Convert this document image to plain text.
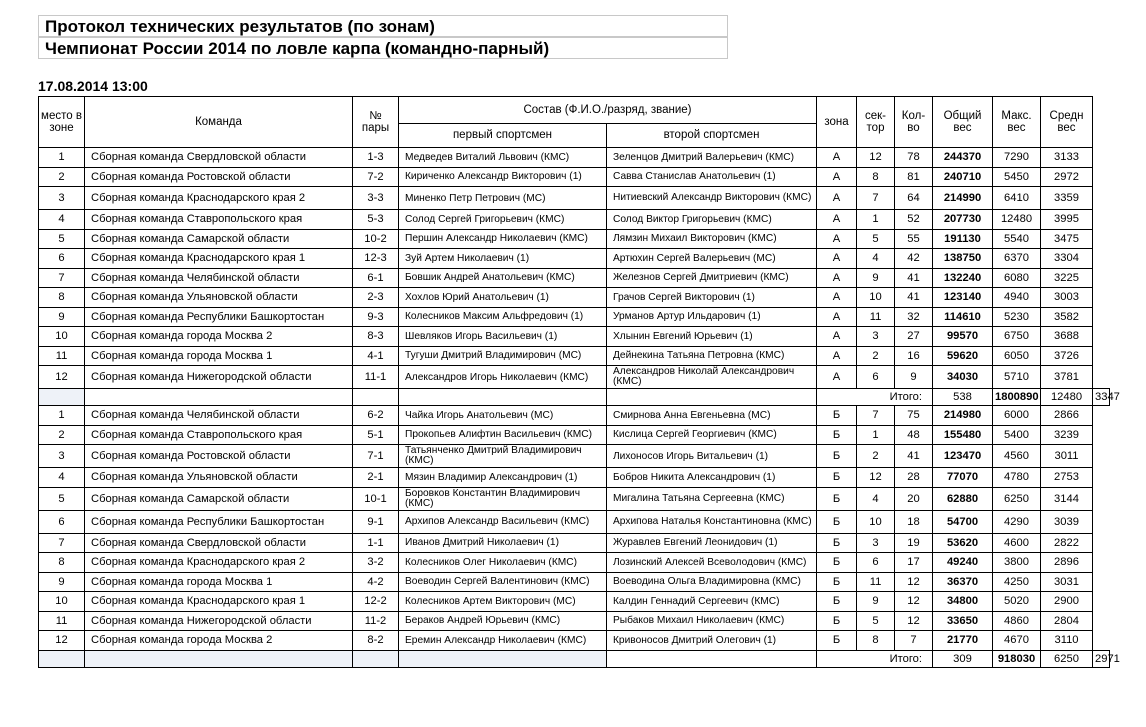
Протокол технических результатов (по зонам)
Чемпионат России 2014 по ловле карпа (командно-парный)
17.08.2014 13:00
место в зоне	Команда	№ пары	Состав (Ф.И.О./разряд, звание)		зона	сек-тор	Кол-во	Общий вес	Макс. вес	Средн вес	
			первый спортсмен	второй спортсмен							
1	Сборная команда Свердловской области	1-3	Медведев Виталий Львович (КМС)	Зеленцов Дмитрий Валерьевич (КМС)	А	12	78	244370	7290	3133	
2	Сборная команда Ростовской области	7-2	Кириченко Александр Викторович (1)	Савва Станислав Анатольевич (1)	А	8	81	240710	5450	2972	
3	Сборная команда Краснодарского края 2	3-3	Миненко Петр Петрович (МС)	Нитиевский Александр Викторович (КМС)	А	7	64	214990	6410	3359	
4	Сборная команда Ставропольского края	5-3	Солод Сергей Григорьевич (КМС)	Солод Виктор Григорьевич (КМС)	А	1	52	207730	12480	3995	
5	Сборная команда Самарской области	10-2	Першин Александр Николаевич (КМС)	Лямзин Михаил Викторович (КМС)	А	5	55	191130	5540	3475	
6	Сборная команда Краснодарского края 1	12-3	Зуй Артем Николаевич (1)	Артюхин Сергей Валерьевич (МС)	А	4	42	138750	6370	3304	
7	Сборная команда Челябинской области	6-1	Бовшик Андрей Анатольевич (КМС)	Железнов Сергей Дмитриевич (КМС)	А	9	41	132240	6080	3225	
8	Сборная команда Ульяновской области	2-3	Хохлов Юрий Анатольевич (1)	Грачов Сергей Викторович (1)	А	10	41	123140	4940	3003	
9	Сборная команда Республики Башкортостан	9-3	Колесников Максим Альфредович (1)	Урманов Артур Ильдарович (1)	А	11	32	114610	5230	3582	
10	Сборная команда города Москва 2	8-3	Шевляков Игорь Васильевич (1)	Хлынин Евгений Юрьевич (1)	А	3	27	99570	6750	3688	
11	Сборная команда города Москва 1	4-1	Тугуши Дмитрий Владимирович (МС)	Дейнекина Татьяна Петровна (КМС)	А	2	16	59620	6050	3726	
12	Сборная команда Нижегородской области	11-1	Александров Игорь Николаевич (КМС)	Александров Николай Александрович (КМС)	А	6	9	34030	5710	3781	
					Итого:			538	1800890	12480	3347
1	Сборная команда Челябинской области	6-2	Чайка Игорь Анатольевич (МС)	Смирнова Анна Евгеньевна (МС)	Б	7	75	214980	6000	2866	
2	Сборная команда Ставропольского края	5-1	Прокопьев Алифтин Васильевич (КМС)	Кислица Сергей Георгиевич (КМС)	Б	1	48	155480	5400	3239	
3	Сборная команда Ростовской области	7-1	Татьянченко Дмитрий Владимирович (КМС)	Лихоносов Игорь Витальевич (1)	Б	2	41	123470	4560	3011	
4	Сборная команда Ульяновской области	2-1	Мязин Владимир Александрович (1)	Бобров Никита Александрович (1)	Б	12	28	77070	4780	2753	
5	Сборная команда Самарской области	10-1	Боровков Константин Владимирович (КМС)	Мигалина Татьяна Сергеевна (КМС)	Б	4	20	62880	6250	3144	
6	Сборная команда Республики Башкортостан	9-1	Архипов Александр Васильевич (КМС)	Архипова Наталья Константиновна (КМС)	Б	10	18	54700	4290	3039	
7	Сборная команда Свердловской области	1-1	Иванов Дмитрий Николаевич (1)	Журавлев Евгений Леонидович (1)	Б	3	19	53620	4600	2822	
8	Сборная команда Краснодарского края 2	3-2	Колесников Олег Николаевич (КМС)	Лозинский Алексей Всеволодович (КМС)	Б	6	17	49240	3800	2896	
9	Сборная команда города Москва 1	4-2	Воеводин Сергей Валентинович (КМС)	Воеводина Ольга Владимировна (КМС)	Б	11	12	36370	4250	3031	
10	Сборная команда Краснодарского края 1	12-2	Колесников Артем Викторович (МС)	Калдин Геннадий Сергеевич (КМС)	Б	9	12	34800	5020	2900	
11	Сборная команда Нижегородской области	11-2	Бераков Андрей Юрьевич (КМС)	Рыбаков Михаил Николаевич (КМС)	Б	5	12	33650	4860	2804	
12	Сборная команда города Москва 2	8-2	Еремин Александр Николаевич (КМС)	Кривоносов Дмитрий Олегович (1)	Б	8	7	21770	4670	3110	
					Итого:			309	918030	6250	2971
